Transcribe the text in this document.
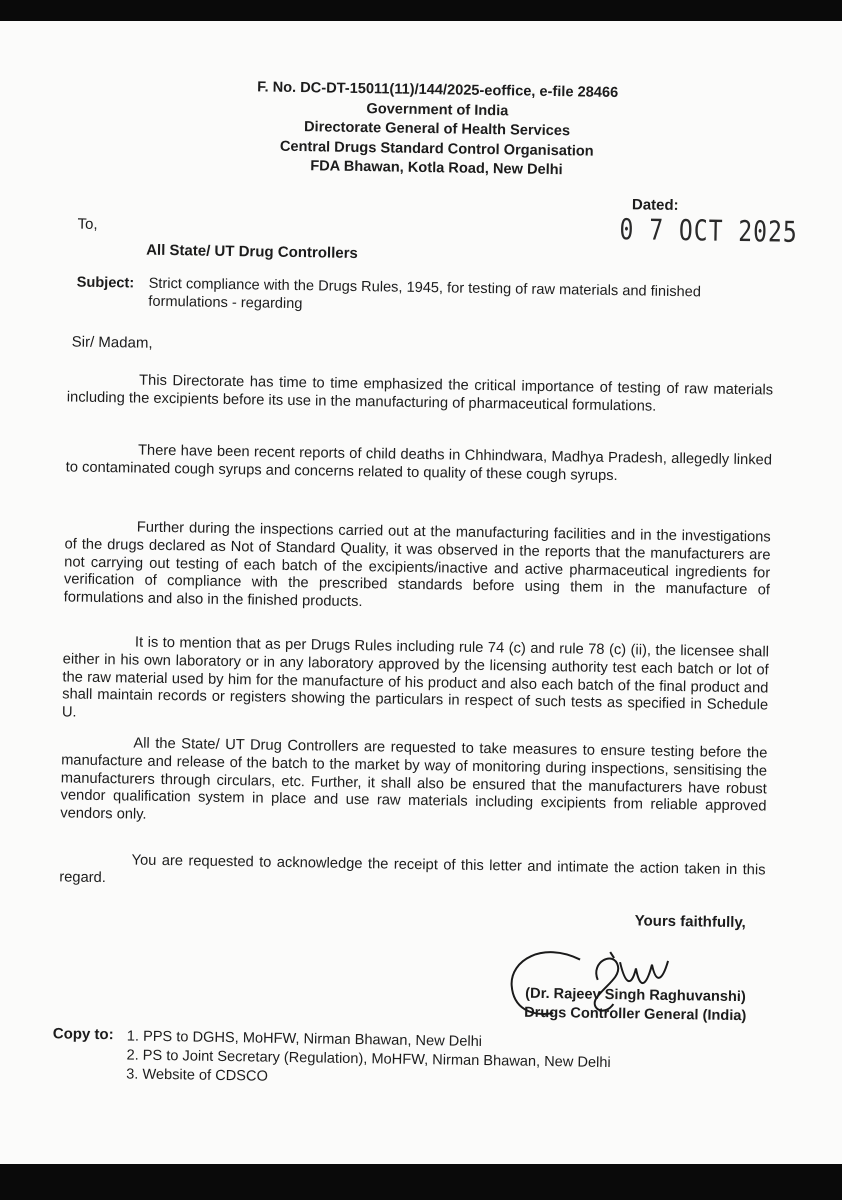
F. No. DC-DT-15011(11)/144/2025-eoffice, e-file 28466
Government of India
Directorate General of Health Services
Central Drugs Standard Control Organisation
FDA Bhawan, Kotla Road, New Delhi
Dated:
0 7 OCT 2025
To,
All State/ UT Drug Controllers
Subject: Strict compliance with the Drugs Rules, 1945, for testing of raw materials and finished formulations - regarding
Sir/ Madam,
This Directorate has time to time emphasized the critical importance of testing of raw materials including the excipients before its use in the manufacturing of pharmaceutical formulations.
There have been recent reports of child deaths in Chhindwara, Madhya Pradesh, allegedly linked to contaminated cough syrups and concerns related to quality of these cough syrups.
Further during the inspections carried out at the manufacturing facilities and in the investigations of the drugs declared as Not of Standard Quality, it was observed in the reports that the manufacturers are not carrying out testing of each batch of the excipients/inactive and active pharmaceutical ingredients for verification of compliance with the prescribed standards before using them in the manufacture of formulations and also in the finished products.
It is to mention that as per Drugs Rules including rule 74 (c) and rule 78 (c) (ii), the licensee shall either in his own laboratory or in any laboratory approved by the licensing authority test each batch or lot of the raw material used by him for the manufacture of his product and also each batch of the final product and shall maintain records or registers showing the particulars in respect of such tests as specified in Schedule U.
All the State/ UT Drug Controllers are requested to take measures to ensure testing before the manufacture and release of the batch to the market by way of monitoring during inspections, sensitising the manufacturers through circulars, etc. Further, it shall also be ensured that the manufacturers have robust vendor qualification system in place and use raw materials including excipients from reliable approved vendors only.
You are requested to acknowledge the receipt of this letter and intimate the action taken in this regard.
Yours faithfully,
(Dr. Rajeev Singh Raghuvanshi)
Drugs Controller General (India)
Copy to: 1. PPS to DGHS, MoHFW, Nirman Bhawan, New Delhi
2. PS to Joint Secretary (Regulation), MoHFW, Nirman Bhawan, New Delhi
3. Website of CDSCO
